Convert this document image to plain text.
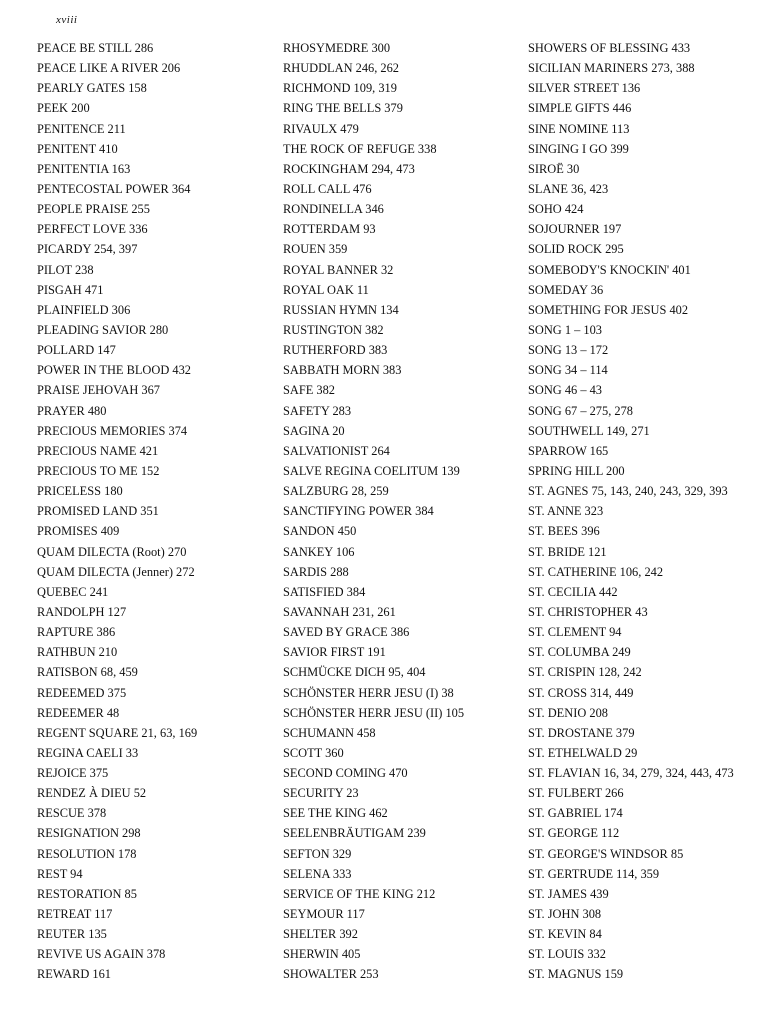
xviii
PEACE BE STILL 286
PEACE LIKE A RIVER 206
PEARLY GATES 158
PEEK 200
PENITENCE 211
PENITENT 410
PENITENTIA 163
PENTECOSTAL POWER 364
PEOPLE PRAISE 255
PERFECT LOVE 336
PICARDY 254, 397
PILOT 238
PISGAH 471
PLAINFIELD 306
PLEADING SAVIOR 280
POLLARD 147
POWER IN THE BLOOD 432
PRAISE JEHOVAH 367
PRAYER 480
PRECIOUS MEMORIES 374
PRECIOUS NAME 421
PRECIOUS TO ME 152
PRICELESS 180
PROMISED LAND 351
PROMISES 409
QUAM DILECTA (Root) 270
QUAM DILECTA (Jenner) 272
QUEBEC 241
RANDOLPH 127
RAPTURE 386
RATHBUN 210
RATISBON 68, 459
REDEEMED 375
REDEEMER 48
REGENT SQUARE 21, 63, 169
REGINA CAELI 33
REJOICE 375
RENDEZ À DIEU 52
RESCUE 378
RESIGNATION 298
RESOLUTION 178
REST 94
RESTORATION 85
RETREAT 117
REUTER 135
REVIVE US AGAIN 378
REWARD 161
RHOSYMEDRE 300
RHUDDLAN 246, 262
RICHMOND 109, 319
RING THE BELLS 379
RIVAULX 479
THE ROCK OF REFUGE 338
ROCKINGHAM 294, 473
ROLL CALL 476
RONDINELLA 346
ROTTERDAM 93
ROUEN 359
ROYAL BANNER 32
ROYAL OAK 11
RUSSIAN HYMN 134
RUSTINGTON 382
RUTHERFORD 383
SABBATH MORN 383
SAFE 382
SAFETY 283
SAGINA 20
SALVATIONIST 264
SALVE REGINA COELITUM 139
SALZBURG 28, 259
SANCTIFYING POWER 384
SANDON 450
SANKEY 106
SARDIS 288
SATISFIED 384
SAVANNAH 231, 261
SAVED BY GRACE 386
SAVIOR FIRST 191
SCHMÜCKE DICH 95, 404
SCHÖNSTER HERR JESU (I) 38
SCHÖNSTER HERR JESU (II) 105
SCHUMANN 458
SCOTT 360
SECOND COMING 470
SECURITY 23
SEE THE KING 462
SEELENBRÄUTIGAM 239
SEFTON 329
SELENA 333
SERVICE OF THE KING 212
SEYMOUR 117
SHELTER 392
SHERWIN 405
SHOWALTER 253
SHOWERS OF BLESSING 433
SICILIAN MARINERS 273, 388
SILVER STREET 136
SIMPLE GIFTS 446
SINE NOMINE 113
SINGING I GO 399
SIROË 30
SLANE 36, 423
SOHO 424
SOJOURNER 197
SOLID ROCK 295
SOMEBODY'S KNOCKIN' 401
SOMEDAY 36
SOMETHING FOR JESUS 402
SONG 1 – 103
SONG 13 – 172
SONG 34 – 114
SONG 46 – 43
SONG 67 – 275, 278
SOUTHWELL 149, 271
SPARROW 165
SPRING HILL 200
ST. AGNES 75, 143, 240, 243, 329, 393
ST. ANNE 323
ST. BEES 396
ST. BRIDE 121
ST. CATHERINE 106, 242
ST. CECILIA 442
ST. CHRISTOPHER 43
ST. CLEMENT 94
ST. COLUMBA 249
ST. CRISPIN 128, 242
ST. CROSS 314, 449
ST. DENIO 208
ST. DROSTANE 379
ST. ETHELWALD 29
ST. FLAVIAN 16, 34, 279, 324, 443, 473
ST. FULBERT 266
ST. GABRIEL 174
ST. GEORGE 112
ST. GEORGE'S WINDSOR 85
ST. GERTRUDE 114, 359
ST. JAMES 439
ST. JOHN 308
ST. KEVIN 84
ST. LOUIS 332
ST. MAGNUS 159
